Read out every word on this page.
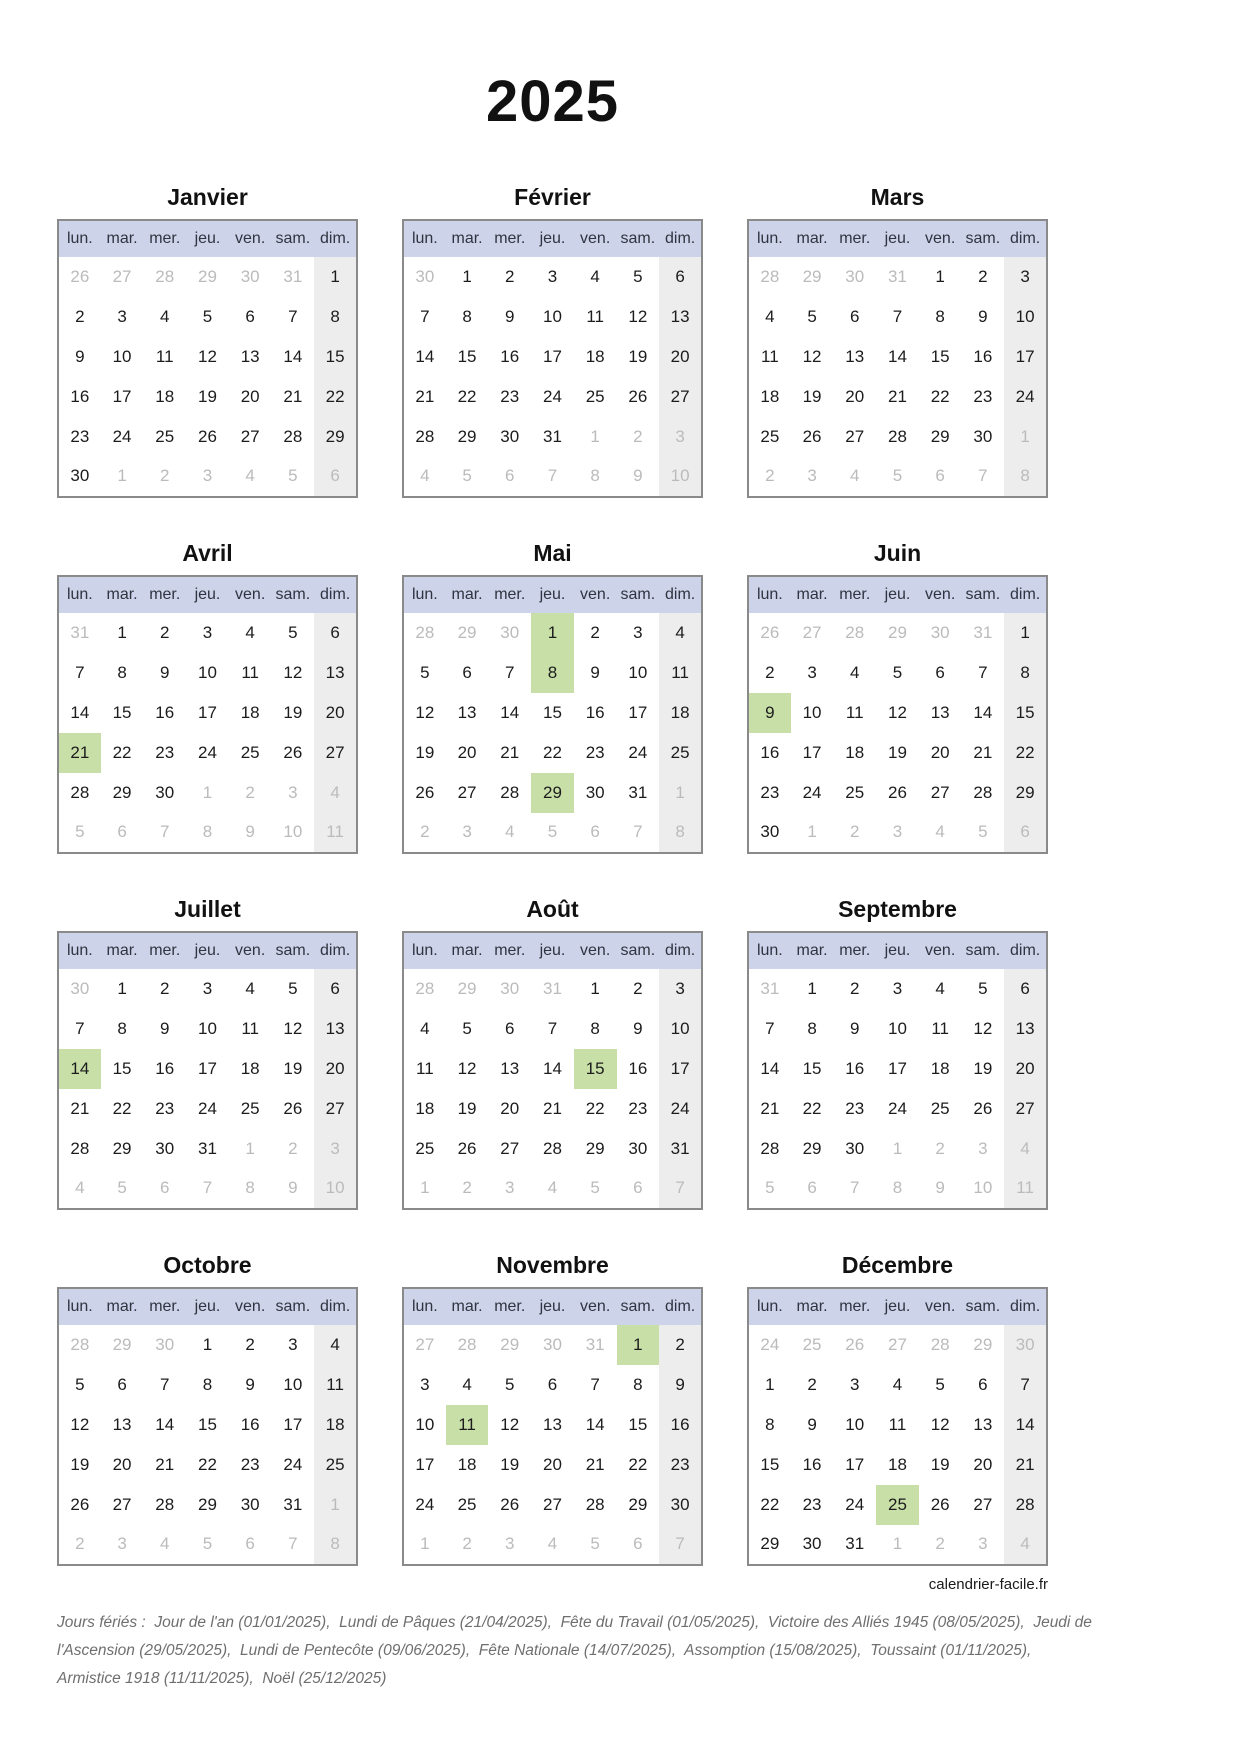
2025
Janvier
lun.	mar.	mer.	jeu.	ven.	sam.	dim.
26	27	28	29	30	31	1
2	3	4	5	6	7	8
9	10	11	12	13	14	15
16	17	18	19	20	21	22
23	24	25	26	27	28	29
30	1	2	3	4	5	6
Février
lun.	mar.	mer.	jeu.	ven.	sam.	dim.
30	1	2	3	4	5	6
7	8	9	10	11	12	13
14	15	16	17	18	19	20
21	22	23	24	25	26	27
28	29	30	31	1	2	3
4	5	6	7	8	9	10
Mars
lun.	mar.	mer.	jeu.	ven.	sam.	dim.
28	29	30	31	1	2	3
4	5	6	7	8	9	10
11	12	13	14	15	16	17
18	19	20	21	22	23	24
25	26	27	28	29	30	1
2	3	4	5	6	7	8
Avril
lun.	mar.	mer.	jeu.	ven.	sam.	dim.
31	1	2	3	4	5	6
7	8	9	10	11	12	13
14	15	16	17	18	19	20
21	22	23	24	25	26	27
28	29	30	1	2	3	4
5	6	7	8	9	10	11
Mai
lun.	mar.	mer.	jeu.	ven.	sam.	dim.
28	29	30	1	2	3	4
5	6	7	8	9	10	11
12	13	14	15	16	17	18
19	20	21	22	23	24	25
26	27	28	29	30	31	1
2	3	4	5	6	7	8
Juin
lun.	mar.	mer.	jeu.	ven.	sam.	dim.
26	27	28	29	30	31	1
2	3	4	5	6	7	8
9	10	11	12	13	14	15
16	17	18	19	20	21	22
23	24	25	26	27	28	29
30	1	2	3	4	5	6
Juillet
lun.	mar.	mer.	jeu.	ven.	sam.	dim.
30	1	2	3	4	5	6
7	8	9	10	11	12	13
14	15	16	17	18	19	20
21	22	23	24	25	26	27
28	29	30	31	1	2	3
4	5	6	7	8	9	10
Août
lun.	mar.	mer.	jeu.	ven.	sam.	dim.
28	29	30	31	1	2	3
4	5	6	7	8	9	10
11	12	13	14	15	16	17
18	19	20	21	22	23	24
25	26	27	28	29	30	31
1	2	3	4	5	6	7
Septembre
lun.	mar.	mer.	jeu.	ven.	sam.	dim.
31	1	2	3	4	5	6
7	8	9	10	11	12	13
14	15	16	17	18	19	20
21	22	23	24	25	26	27
28	29	30	1	2	3	4
5	6	7	8	9	10	11
Octobre
lun.	mar.	mer.	jeu.	ven.	sam.	dim.
28	29	30	1	2	3	4
5	6	7	8	9	10	11
12	13	14	15	16	17	18
19	20	21	22	23	24	25
26	27	28	29	30	31	1
2	3	4	5	6	7	8
Novembre
lun.	mar.	mer.	jeu.	ven.	sam.	dim.
27	28	29	30	31	1	2
3	4	5	6	7	8	9
10	11	12	13	14	15	16
17	18	19	20	21	22	23
24	25	26	27	28	29	30
1	2	3	4	5	6	7
Décembre
lun.	mar.	mer.	jeu.	ven.	sam.	dim.
24	25	26	27	28	29	30
1	2	3	4	5	6	7
8	9	10	11	12	13	14
15	16	17	18	19	20	21
22	23	24	25	26	27	28
29	30	31	1	2	3	4
calendrier-facile.fr
Jours fériés :  Jour de l'an (01/01/2025),  Lundi de Pâques (21/04/2025),  Fête du Travail (01/05/2025),  Victoire des Alliés 1945 (08/05/2025),  Jeudi de
l'Ascension (29/05/2025),  Lundi de Pentecôte (09/06/2025),  Fête Nationale (14/07/2025),  Assomption (15/08/2025),  Toussaint (01/11/2025),
Armistice 1918 (11/11/2025),  Noël (25/12/2025)
